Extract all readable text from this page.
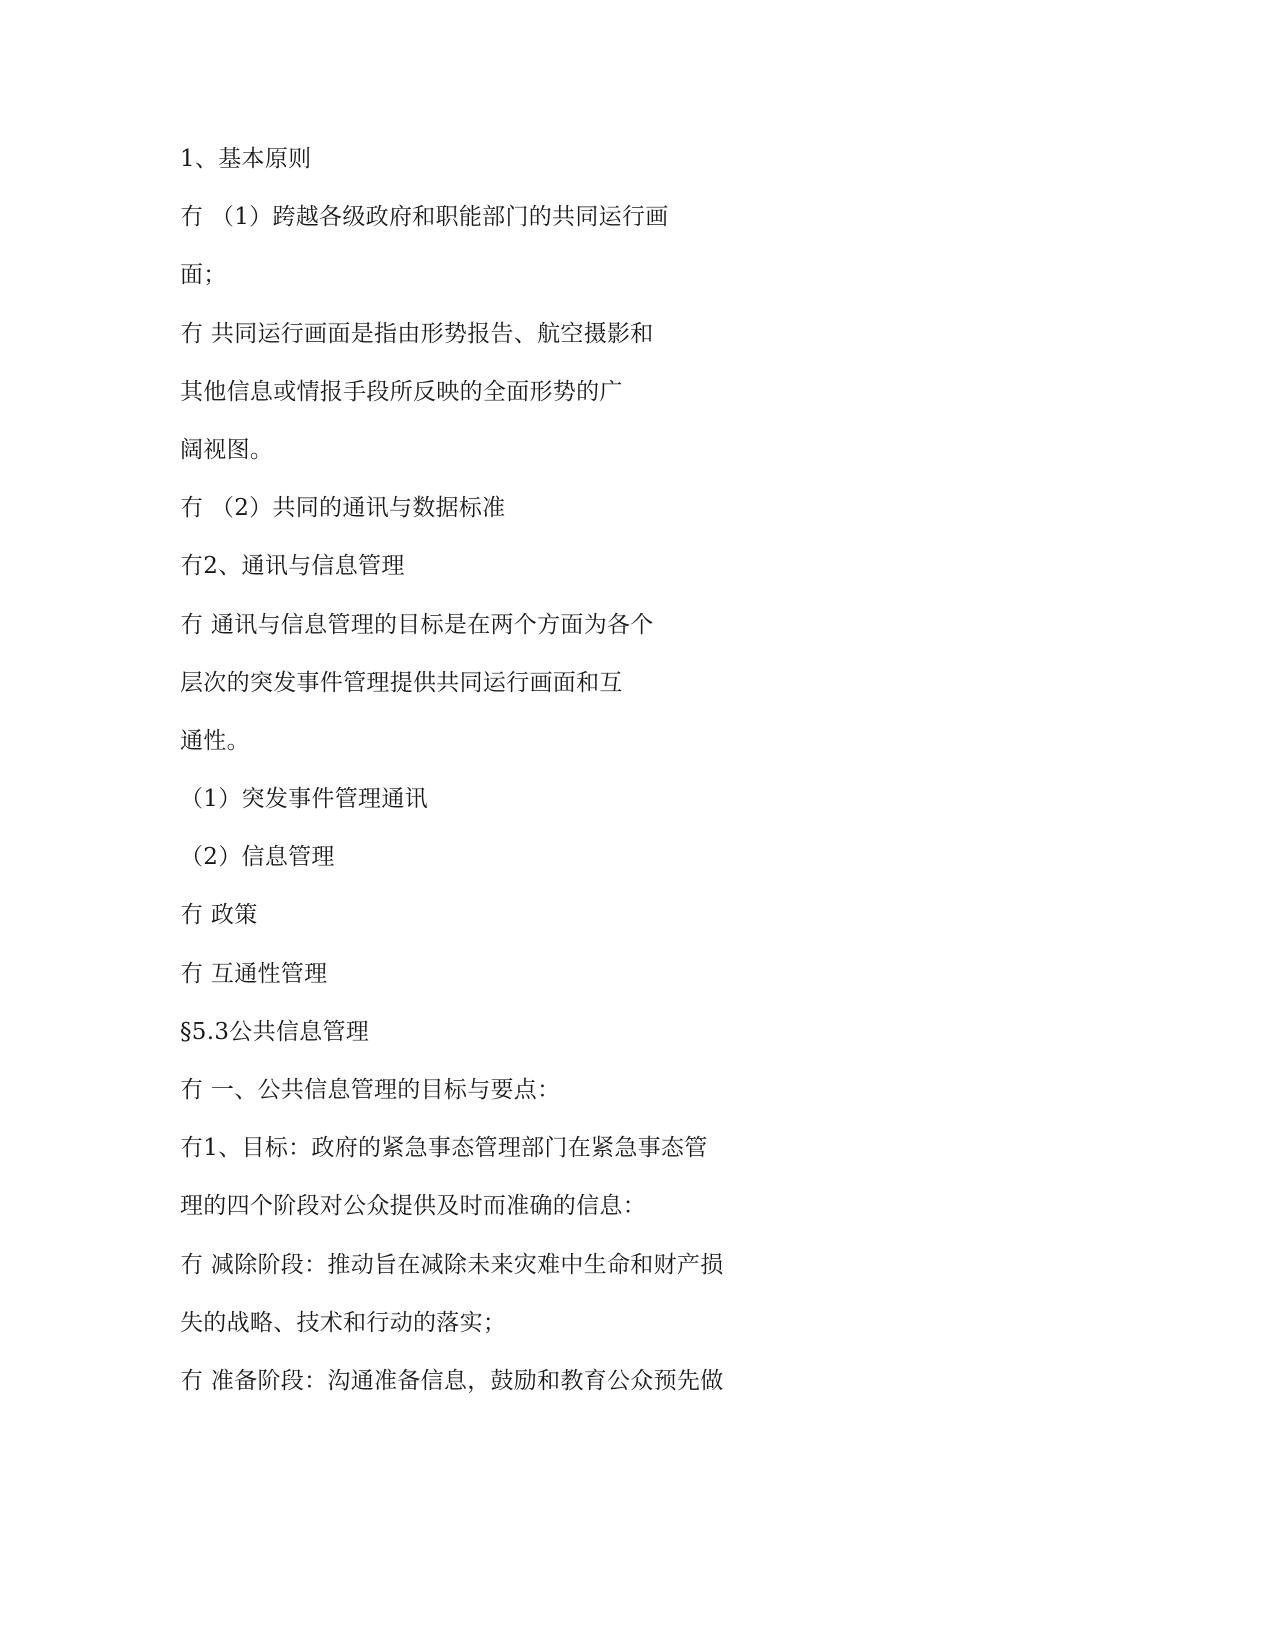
1、基本原则
冇 （1）跨越各级政府和职能部门的共同运行画
面；
冇 共同运行画面是指由形势报告、航空摄影和
其他信息或情报手段所反映的全面形势的广
阔视图。
冇 （2）共同的通讯与数据标准
冇2、通讯与信息管理
冇 通讯与信息管理的目标是在两个方面为各个
层次的突发事件管理提供共同运行画面和互
通性。
（1）突发事件管理通讯
（2）信息管理
冇 政策
冇 互通性管理
§5.3公共信息管理
冇 一、公共信息管理的目标与要点：
冇1、目标：政府的紧急事态管理部门在紧急事态管
理的四个阶段对公众提供及时而准确的信息：
冇 减除阶段：推动旨在减除未来灾难中生命和财产损
失的战略、技术和行动的落实；
冇 准备阶段：沟通准备信息，鼓励和教育公众预先做
